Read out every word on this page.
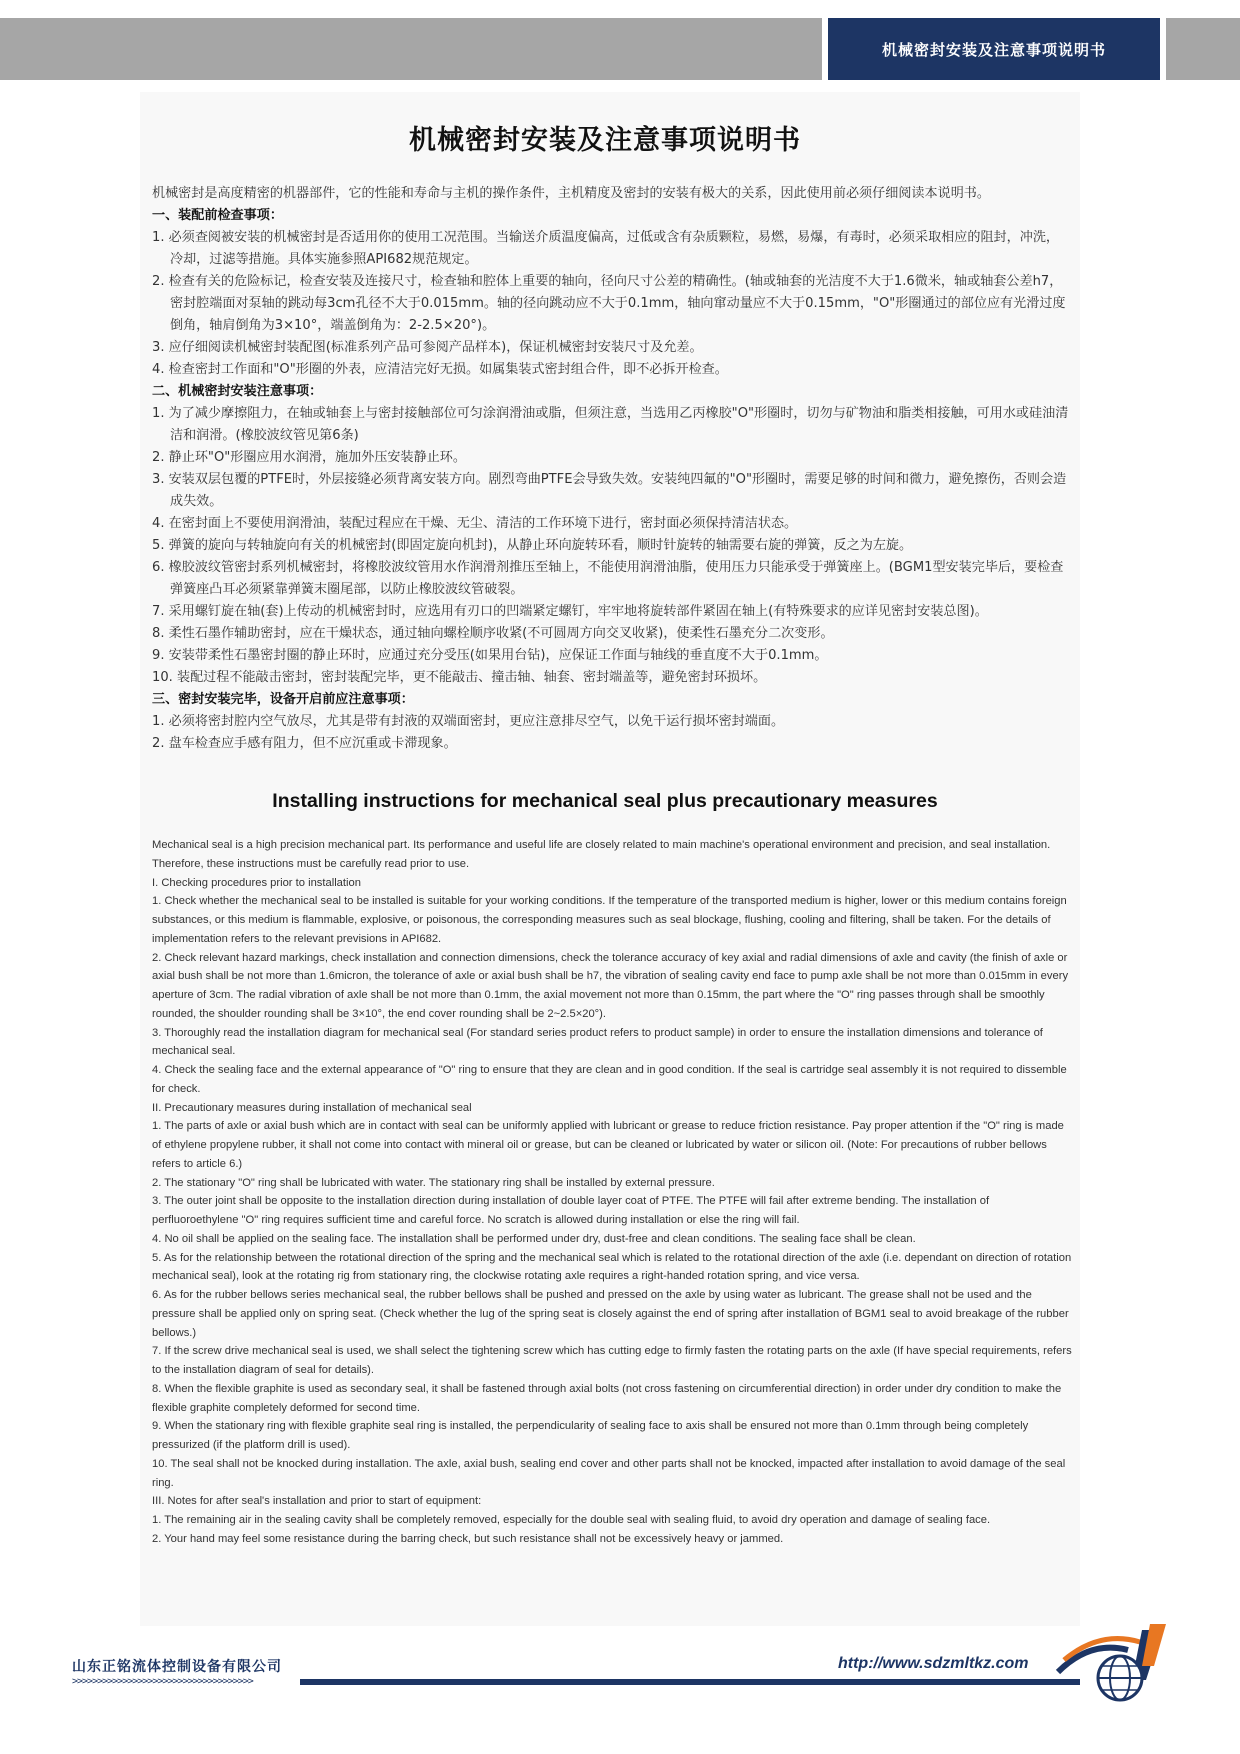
机械密封安装及注意事项说明书
机械密封安装及注意事项说明书

机械密封是高度精密的机器部件，它的性能和寿命与主机的操作条件，主机精度及密封的安装有极大的关系，因此使用前必须仔细阅读本说明书。

一、装配前检查事项：

1. 必须查阅被安装的机械密封是否适用你的使用工况范围。当输送介质温度偏高，过低或含有杂质颗粒，易燃，易爆，有毒时，必须采取相应的阻封，冲洗，冷却，过滤等措施。具体实施参照API682规范规定。

2. 检查有关的危险标记，检查安装及连接尺寸，检查轴和腔体上重要的轴向，径向尺寸公差的精确性。(轴或轴套的光洁度不大于1.6微米，轴或轴套公差h7，密封腔端面对泵轴的跳动每3cm孔径不大于0.015mm。轴的径向跳动应不大于0.1mm，轴向窜动量应不大于0.15mm，"O"形圈通过的部位应有光滑过度倒角，轴肩倒角为3×10°，端盖倒角为：2-2.5×20°)。

3. 应仔细阅读机械密封装配图(标准系列产品可参阅产品样本)，保证机械密封安装尺寸及允差。

4. 检查密封工作面和"O"形圈的外表，应清洁完好无损。如属集装式密封组合件，即不必拆开检查。

二、机械密封安装注意事项：

1. 为了减少摩擦阻力，在轴或轴套上与密封接触部位可匀涂润滑油或脂，但须注意，当选用乙丙橡胶"O"形圈时，切勿与矿物油和脂类相接触，可用水或硅油清洁和润滑。(橡胶波纹管见第6条)

2. 静止环"O"形圈应用水润滑，施加外压安装静止环。

3. 安装双层包覆的PTFE时，外层接缝必须背离安装方向。剧烈弯曲PTFE会导致失效。安装纯四氟的"O"形圈时，需要足够的时间和微力，避免擦伤，否则会造成失效。

4. 在密封面上不要使用润滑油，装配过程应在干燥、无尘、清洁的工作环境下进行，密封面必须保持清洁状态。

5. 弹簧的旋向与转轴旋向有关的机械密封(即固定旋向机封)，从静止环向旋转环看，顺时针旋转的轴需要右旋的弹簧，反之为左旋。

6. 橡胶波纹管密封系列机械密封，将橡胶波纹管用水作润滑剂推压至轴上，不能使用润滑油脂，使用压力只能承受于弹簧座上。(BGM1型安装完毕后，要检查弹簧座凸耳必须紧靠弹簧末圈尾部，以防止橡胶波纹管破裂。

7. 采用螺钉旋在轴(套)上传动的机械密封时，应选用有刃口的凹端紧定螺钉，牢牢地将旋转部件紧固在轴上(有特殊要求的应详见密封安装总图)。

8. 柔性石墨作辅助密封，应在干燥状态，通过轴向螺栓顺序收紧(不可圆周方向交叉收紧)，使柔性石墨充分二次变形。

9. 安装带柔性石墨密封圈的静止环时，应通过充分受压(如果用台钻)，应保证工作面与轴线的垂直度不大于0.1mm。

10. 装配过程不能敲击密封，密封装配完毕，更不能敲击、撞击轴、轴套、密封端盖等，避免密封环损坏。

三、密封安装完毕，设备开启前应注意事项：

1. 必须将密封腔内空气放尽，尤其是带有封液的双端面密封，更应注意排尽空气，以免干运行损坏密封端面。

2. 盘车检查应手感有阻力，但不应沉重或卡滞现象。

Installing instructions for mechanical seal plus precautionary measures

Mechanical seal is a high precision mechanical part. Its performance and useful life are closely related to main machine's operational environment and precision, and seal installation. Therefore, these instructions must be carefully read prior to use.

I. Checking procedures prior to installation

1. Check whether the mechanical seal to be installed is suitable for your working conditions. If the temperature of the transported medium is higher, lower or this medium contains foreign substances, or this medium is flammable, explosive, or poisonous, the corresponding measures such as seal blockage, flushing, cooling and filtering, shall be taken. For the details of implementation refers to the relevant previsions in API682.

2. Check relevant hazard markings, check installation and connection dimensions, check the tolerance accuracy of key axial and radial dimensions of axle and cavity (the finish of axle or axial bush shall be not more than 1.6micron, the tolerance of axle or axial bush shall be h7, the vibration of sealing cavity end face to pump axle shall be not more than 0.015mm in every aperture of 3cm. The radial vibration of axle shall be not more than 0.1mm, the axial movement not more than 0.15mm, the part where the "O" ring passes through shall be smoothly rounded, the shoulder rounding shall be 3×10°, the end cover rounding shall be 2~2.5×20°).

3. Thoroughly read the installation diagram for mechanical seal (For standard series product refers to product sample) in order to ensure the installation dimensions and tolerance of mechanical seal.

4. Check the sealing face and the external appearance of "O" ring to ensure that they are clean and in good condition. If the seal is cartridge seal assembly it is not required to dissemble for check.

II. Precautionary measures during installation of mechanical seal

1. The parts of axle or axial bush which are in contact with seal can be uniformly applied with lubricant or grease to reduce friction resistance. Pay proper attention if the "O" ring is made of ethylene propylene rubber, it shall not come into contact with mineral oil or grease, but can be cleaned or lubricated by water or silicon oil. (Note: For precautions of rubber bellows refers to article 6.)

2. The stationary "O" ring shall be lubricated with water. The stationary ring shall be installed by external pressure.

3. The outer joint shall be opposite to the installation direction during installation of double layer coat of PTFE. The PTFE will fail after extreme bending. The installation of perfluoroethylene "O" ring requires sufficient time and careful force. No scratch is allowed during installation or else the ring will fail.

4. No oil shall be applied on the sealing face. The installation shall be performed under dry, dust-free and clean conditions. The sealing face shall be clean.

5. As for the relationship between the rotational direction of the spring and the mechanical seal which is related to the rotational direction of the axle (i.e. dependant on direction of rotation mechanical seal), look at the rotating rig from stationary ring, the clockwise rotating axle requires a right-handed rotation spring, and vice versa.

6. As for the rubber bellows series mechanical seal, the rubber bellows shall be pushed and pressed on the axle by using water as lubricant. The grease shall not be used and the pressure shall be applied only on spring seat. (Check whether the lug of the spring seat is closely against the end of spring after installation of BGM1 seal to avoid breakage of the rubber bellows.)

7. If the screw drive mechanical seal is used, we shall select the tightening screw which has cutting edge to firmly fasten the rotating parts on the axle (If have special requirements, refers to the installation diagram of seal for details).

8. When the flexible graphite is used as secondary seal, it shall be fastened through axial bolts (not cross fastening on circumferential direction) in order under dry condition to make the flexible graphite completely deformed for second time.

9. When the stationary ring with flexible graphite seal ring is installed, the perpendicularity of sealing face to axis shall be ensured not more than 0.1mm through being completely pressurized (if the platform drill is used).

10. The seal shall not be knocked during installation. The axle, axial bush, sealing end cover and other parts shall not be knocked, impacted after installation to avoid damage of the seal ring.

III. Notes for after seal's installation and prior to start of equipment:

1. The remaining air in the sealing cavity shall be completely removed, especially for the double seal with sealing fluid, to avoid dry operation and damage of sealing face.

2. Your hand may feel some resistance during the barring check, but such resistance shall not be excessively heavy or jammed.

山东正铭流体控制设备有限公司
>>>>>>>>>>>>>>>>>>>>>>>>>>>>>>>>>>>>
http://www.sdzmltkz.com
